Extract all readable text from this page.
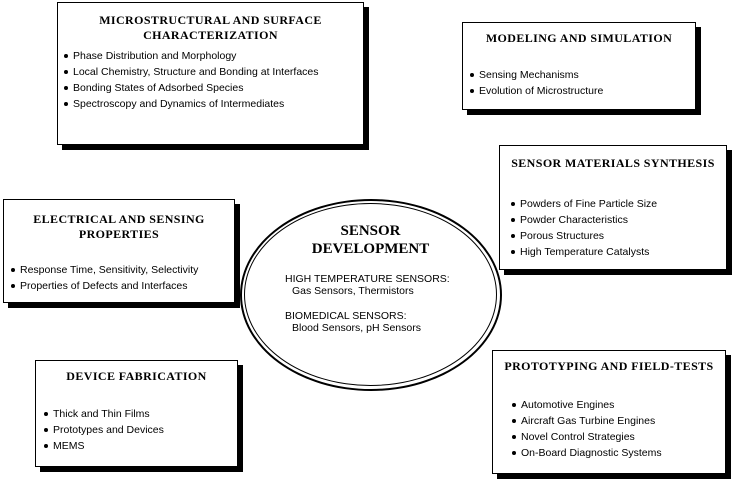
MICROSTRUCTURAL AND SURFACE
CHARACTERIZATION
Phase Distribution and Morphology
Local Chemistry, Structure and Bonding at Interfaces
Bonding States of Adsorbed Species
Spectroscopy and Dynamics of Intermediates
MODELING AND SIMULATION
Sensing Mechanisms
Evolution of Microstructure
SENSOR MATERIALS SYNTHESIS
Powders of Fine Particle Size
Powder Characteristics
Porous Structures
High Temperature Catalysts
ELECTRICAL AND SENSING
PROPERTIES
Response Time, Sensitivity, Selectivity
Properties of Defects and Interfaces
DEVICE FABRICATION
Thick and Thin Films
Prototypes and Devices
MEMS
PROTOTYPING AND FIELD-TESTS
Automotive Engines
Aircraft Gas Turbine Engines
Novel Control Strategies
On-Board Diagnostic Systems
SENSOR
DEVELOPMENT
HIGH TEMPERATURE SENSORS:
Gas Sensors, Thermistors
BIOMEDICAL SENSORS:
Blood Sensors, pH Sensors
